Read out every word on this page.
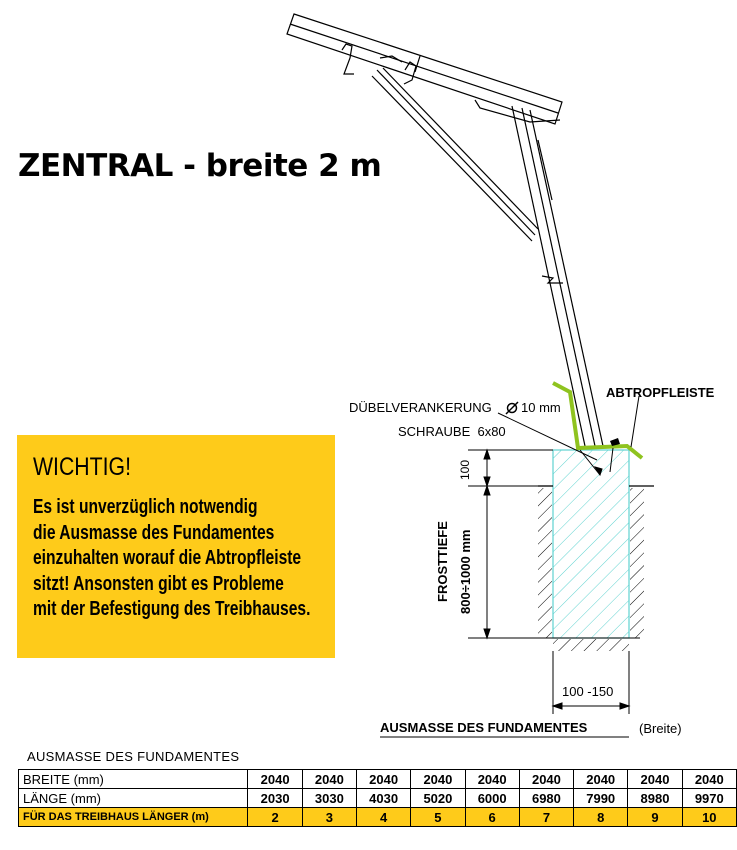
ABTROPFLEISTE
DÜBELVERANKERUNG 10 mm
SCHRAUBE  6x80
100
FROSTTIEFE 800÷1000 mm
100 -150
AUSMASSE DES FUNDAMENTES	(Breite)
ZENTRAL - breite 2 m
WICHTIG!
Es ist unverzüglich notwendig
die Ausmasse des Fundamentes
einzuhalten worauf die Abtropfleiste
sitzt! Ansonsten gibt es Probleme
mit der Befestigung des Treibhauses.
AUSMASSE DES FUNDAMENTES
BREITE (mm)	2040	2040	2040	2040	2040	2040	2040	2040	2040
LÄNGE (mm)	2030	3030	4030	5020	6000	6980	7990	8980	9970
FÜR DAS TREIBHAUS LÄNGER (m)	2	3	4	5	6	7	8	9	10
